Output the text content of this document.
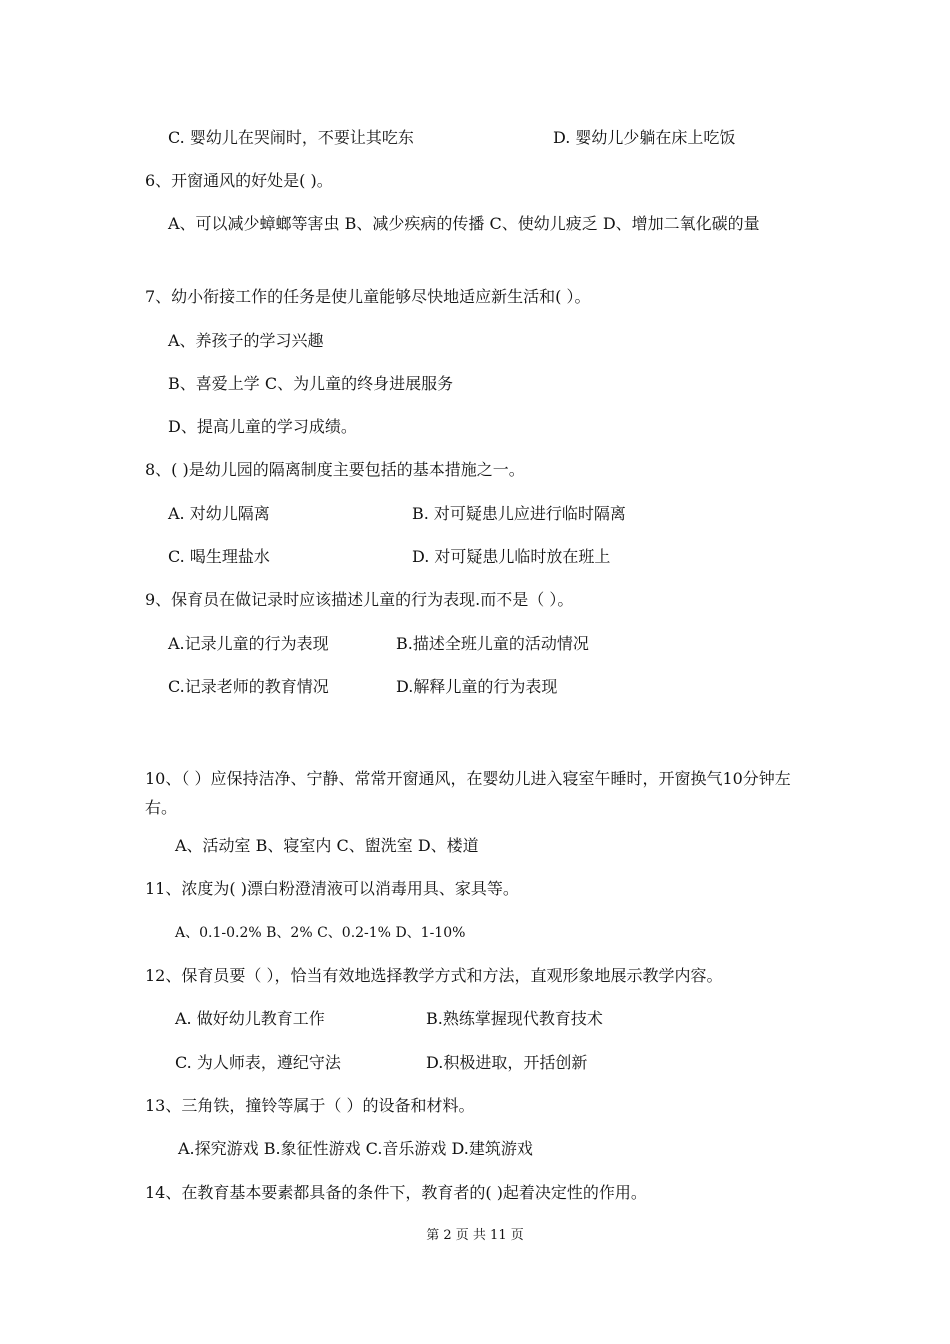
C. 婴幼儿在哭闹时，不要让其吃东	D. 婴幼儿少躺在床上吃饭
6、开窗通风的好处是( )。
A、可以减少蟑螂等害虫 B、减少疾病的传播 C、使幼儿疲乏 D、增加二氧化碳的量
7、幼小衔接工作的任务是使儿童能够尽快地适应新生活和( ）。
A、养孩子的学习兴趣
B、喜爱上学 C、为儿童的终身进展服务
D、提高儿童的学习成绩。
8、( )是幼儿园的隔离制度主要包括的基本措施之一。
A. 对幼儿隔离	B. 对可疑患儿应进行临时隔离
C. 喝生理盐水	D. 对可疑患儿临时放在班上
9、保育员在做记录时应该描述儿童的行为表现.而不是（ ）。
A.记录儿童的行为表现	B.描述全班儿童的活动情况
C.记录老师的教育情况	D.解释儿童的行为表现
10、（ ）应保持洁净、宁静、常常开窗通风，在婴幼儿进入寝室午睡时，开窗换气10分钟左右。
A、活动室 B、寝室内 C、盥洗室 D、楼道
11、浓度为( )漂白粉澄清液可以消毒用具、家具等。
A、0.1-0.2% B、2% C、0.2-1% D、1-10%
12、保育员要（ ），恰当有效地选择教学方式和方法，直观形象地展示教学内容。
A. 做好幼儿教育工作	B.熟练掌握现代教育技术
C. 为人师表，遵纪守法	D.积极进取，开括创新
13、三角铁，撞铃等属于（ ）的设备和材料。
A.探究游戏 B.象征性游戏 C.音乐游戏 D.建筑游戏
14、在教育基本要素都具备的条件下，教育者的( )起着决定性的作用。
第 2 页 共 11 页
